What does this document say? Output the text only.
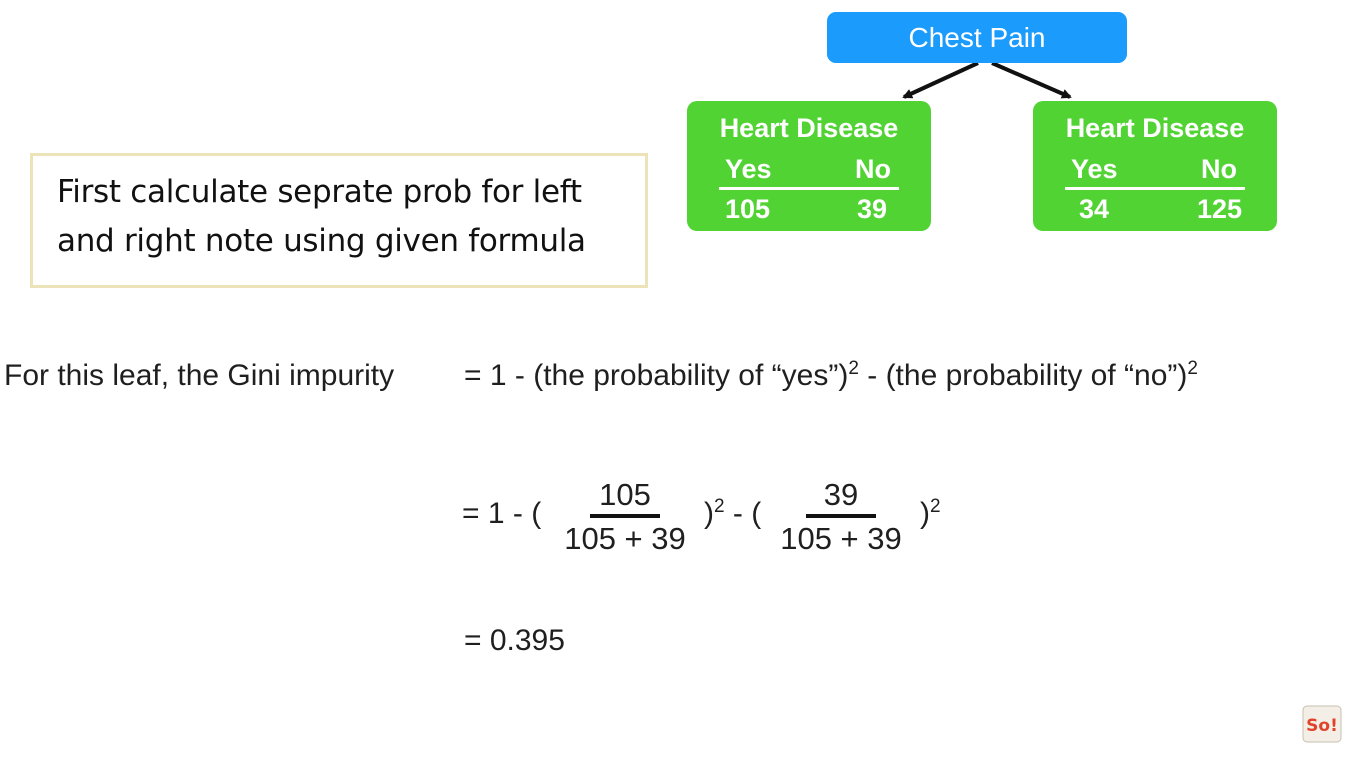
First calculate seprate prob for left
and right note using given formula
Chest Pain
Heart Disease
Yes	No
105	39
Heart Disease
Yes	No
34	125
For this leaf, the Gini impurity = 1 - (the probability of “yes”)$^2$ - (the probability of “no”)$^2$
= 1 - (
105
105 + 39
)$^2$ - (
39
105 + 39
)$^2$
= 0.395
So!
